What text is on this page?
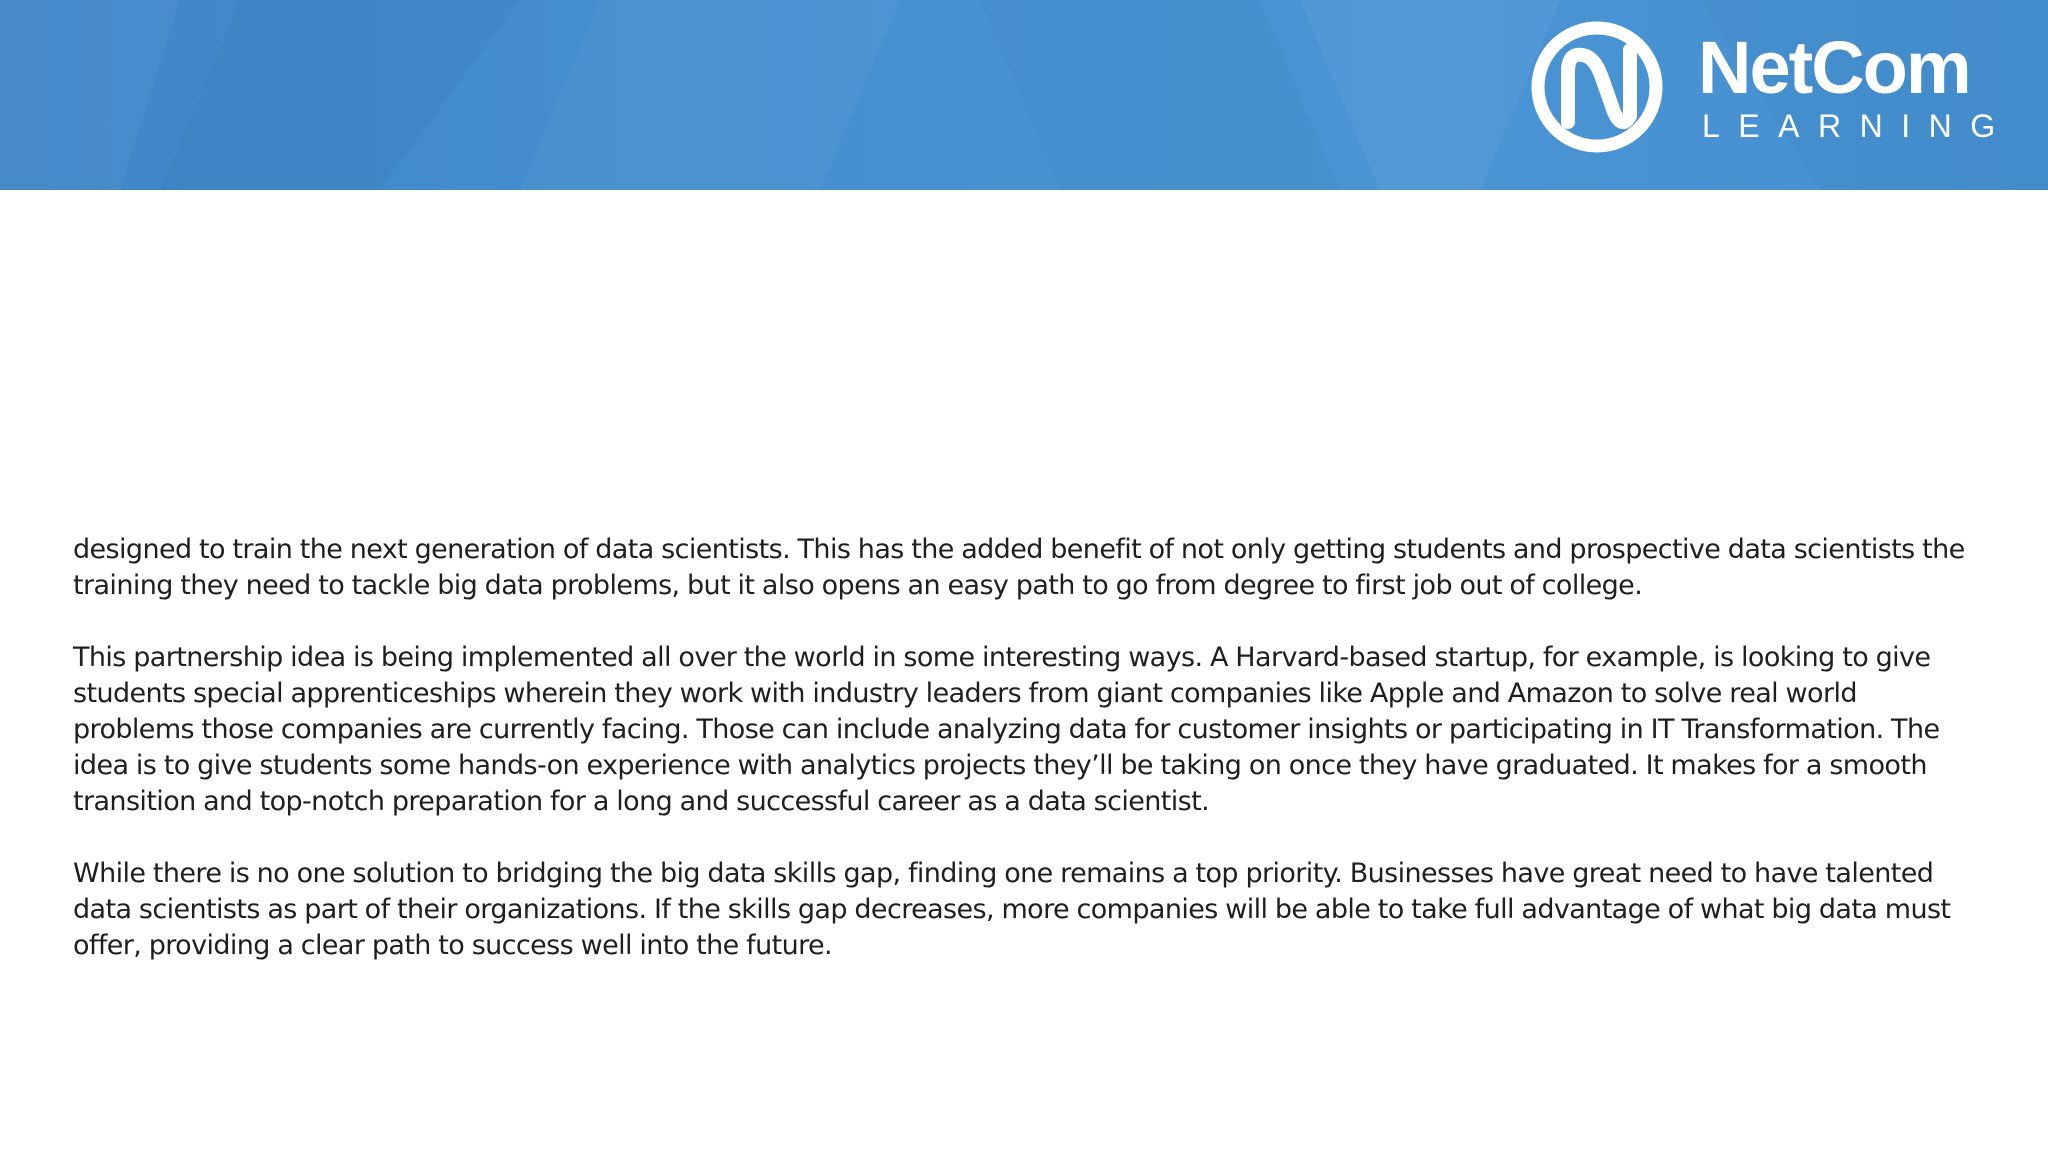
NetCom
LEARNING

designed to train the next generation of data scientists. This has the added benefit of not only getting students and prospective data scientists the training they need to tackle big data problems, but it also opens an easy path to go from degree to first job out of college.

This partnership idea is being implemented all over the world in some interesting ways. A Harvard-based startup, for example, is looking to give students special apprenticeships wherein they work with industry leaders from giant companies like Apple and Amazon to solve real world problems those companies are currently facing. Those can include analyzing data for customer insights or participating in IT Transformation. The idea is to give students some hands-on experience with analytics projects they’ll be taking on once they have graduated. It makes for a smooth transition and top-notch preparation for a long and successful career as a data scientist.

While there is no one solution to bridging the big data skills gap, finding one remains a top priority. Businesses have great need to have talented data scientists as part of their organizations. If the skills gap decreases, more companies will be able to take full advantage of what big data must offer, providing a clear path to success well into the future.
